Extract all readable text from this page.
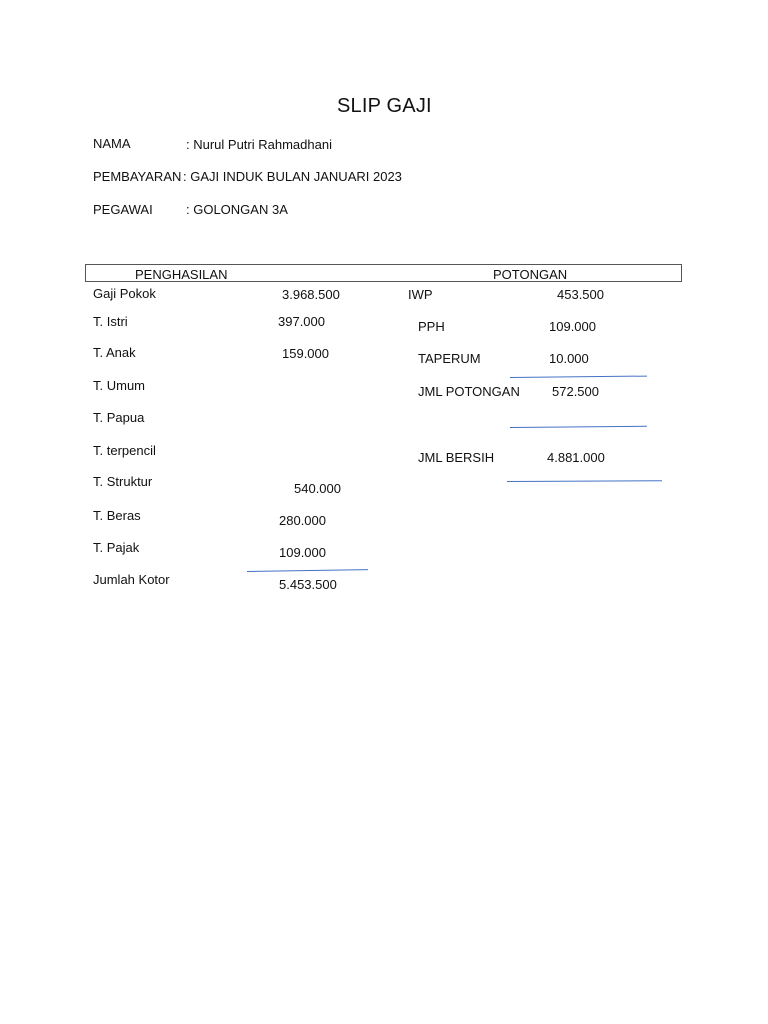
SLIP GAJI
NAMA	: Nurul Putri Rahmadhani
PEMBAYARAN : GAJI INDUK BULAN JANUARI 2023
PEGAWAI	: GOLONGAN 3A
PENGHASILAN	POTONGAN
Gaji Pokok	3.968.500
T. Istri	397.000
T. Anak	159.000
T. Umum
T. Papua
T. terpencil
T. Struktur	540.000
T. Beras	280.000
T. Pajak	109.000
Jumlah Kotor	5.453.500
IWP	453.500
PPH	109.000
TAPERUM	10.000
JML POTONGAN 572.500
JML BERSIH	4.881.000
